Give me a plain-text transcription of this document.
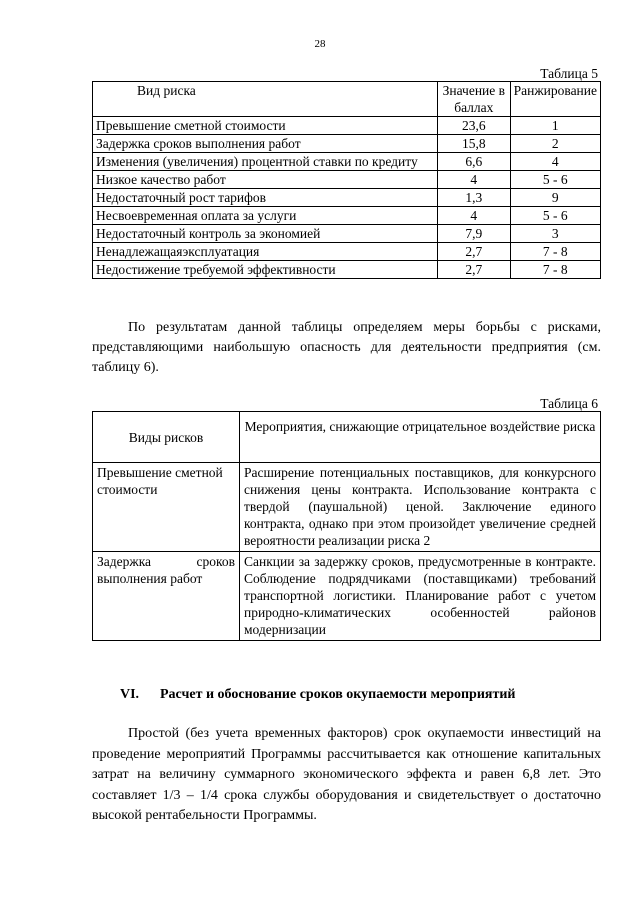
28
Таблица 5
Вид риска	Значение в баллах	Ранжирование
Превышение сметной стоимости	23,6	1
Задержка сроков выполнения работ	15,8	2
Изменения (увеличения) процентной ставки по кредиту	6,6	4
Низкое качество работ	4	5 - 6
Недостаточный рост тарифов	1,3	9
Несвоевременная оплата за услуги	4	5 - 6
Недостаточный контроль за экономией	7,9	3
Ненадлежащаяэксплуатация	2,7	7 - 8
Недостижение требуемой эффективности	2,7	7 - 8

По результатам данной таблицы определяем меры борьбы с рисками, представляющими наибольшую опасность для деятельности предприятия (см. таблицу 6).

Таблица 6
Виды рисков	Мероприятия, снижающие отрицательное воздействие риска
Превышение сметной стоимости	Расширение потенциальных поставщиков, для конкурсного снижения цены контракта. Использование контракта с твердой (паушальной) ценой. Заключение единого контракта, однако при этом произойдет увеличение средней вероятности реализации риска 2
Задержка сроков выполнения работ	Санкции за задержку сроков, предусмотренные в контракте. Соблюдение подрядчиками (поставщиками) требований транспортной логистики. Планирование работ с учетом природно-климатических особенностей районов модернизации
VI. Расчет и обоснование сроков окупаемости мероприятий

Простой (без учета временных факторов) срок окупаемости инвестиций на проведение мероприятий Программы рассчитывается как отношение капитальных затрат на величину суммарного экономического эффекта и равен 6,8 лет. Это составляет 1/3 – 1/4 срока службы оборудования и свидетельствует о достаточно высокой рентабельности Программы.
